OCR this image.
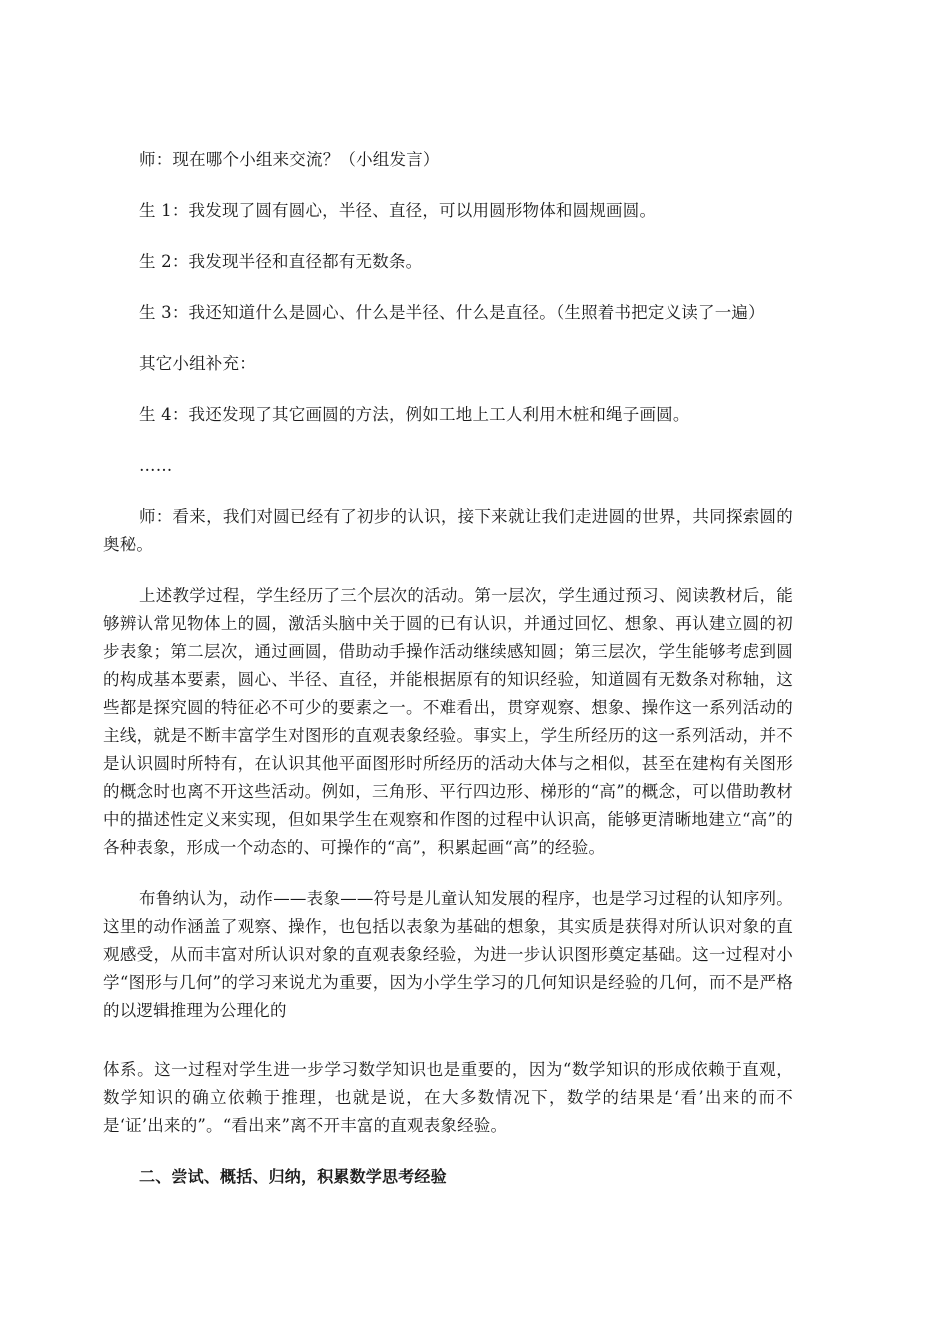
师：现在哪个小组来交流？（小组发言）

生 1：我发现了圆有圆心，半径、直径，可以用圆形物体和圆规画圆。

生 2：我发现半径和直径都有无数条。

生 3：我还知道什么是圆心、什么是半径、什么是直径。（生照着书把定义读了一遍）

其它小组补充：

生 4：我还发现了其它画圆的方法，例如工地上工人利用木桩和绳子画圆。

……

师：看来，我们对圆已经有了初步的认识，接下来就让我们走进圆的世界，共同探索圆的奥秘。

上述教学过程，学生经历了三个层次的活动。第一层次，学生通过预习、阅读教材后，能够辨认常见物体上的圆，激活头脑中关于圆的已有认识，并通过回忆、想象、再认建立圆的初步表象；第二层次，通过画圆，借助动手操作活动继续感知圆；第三层次，学生能够考虑到圆的构成基本要素，圆心、半径、直径，并能根据原有的知识经验，知道圆有无数条对称轴，这些都是探究圆的特征必不可少的要素之一。不难看出，贯穿观察、想象、操作这一系列活动的主线，就是不断丰富学生对图形的直观表象经验。事实上，学生所经历的这一系列活动，并不是认识圆时所特有，在认识其他平面图形时所经历的活动大体与之相似，甚至在建构有关图形的概念时也离不开这些活动。例如，三角形、平行四边形、梯形的“高”的概念，可以借助教材中的描述性定义来实现，但如果学生在观察和作图的过程中认识高，能够更清晰地建立“高”的各种表象，形成一个动态的、可操作的“高”，积累起画“高”的经验。

布鲁纳认为，动作——表象——符号是儿童认知发展的程序，也是学习过程的认知序列。这里的动作涵盖了观察、操作，也包括以表象为基础的想象，其实质是获得对所认识对象的直观感受，从而丰富对所认识对象的直观表象经验，为进一步认识图形奠定基础。这一过程对小学“图形与几何”的学习来说尤为重要，因为小学生学习的几何知识是经验的几何，而不是严格的以逻辑推理为公理化的

体系。这一过程对学生进一步学习数学知识也是重要的，因为“数学知识的形成依赖于直观，数学知识的确立依赖于推理，也就是说，在大多数情况下，数学的结果是‘看’出来的而不是‘证’出来的”。“看出来”离不开丰富的直观表象经验。

二、尝试、概括、归纳，积累数学思考经验
